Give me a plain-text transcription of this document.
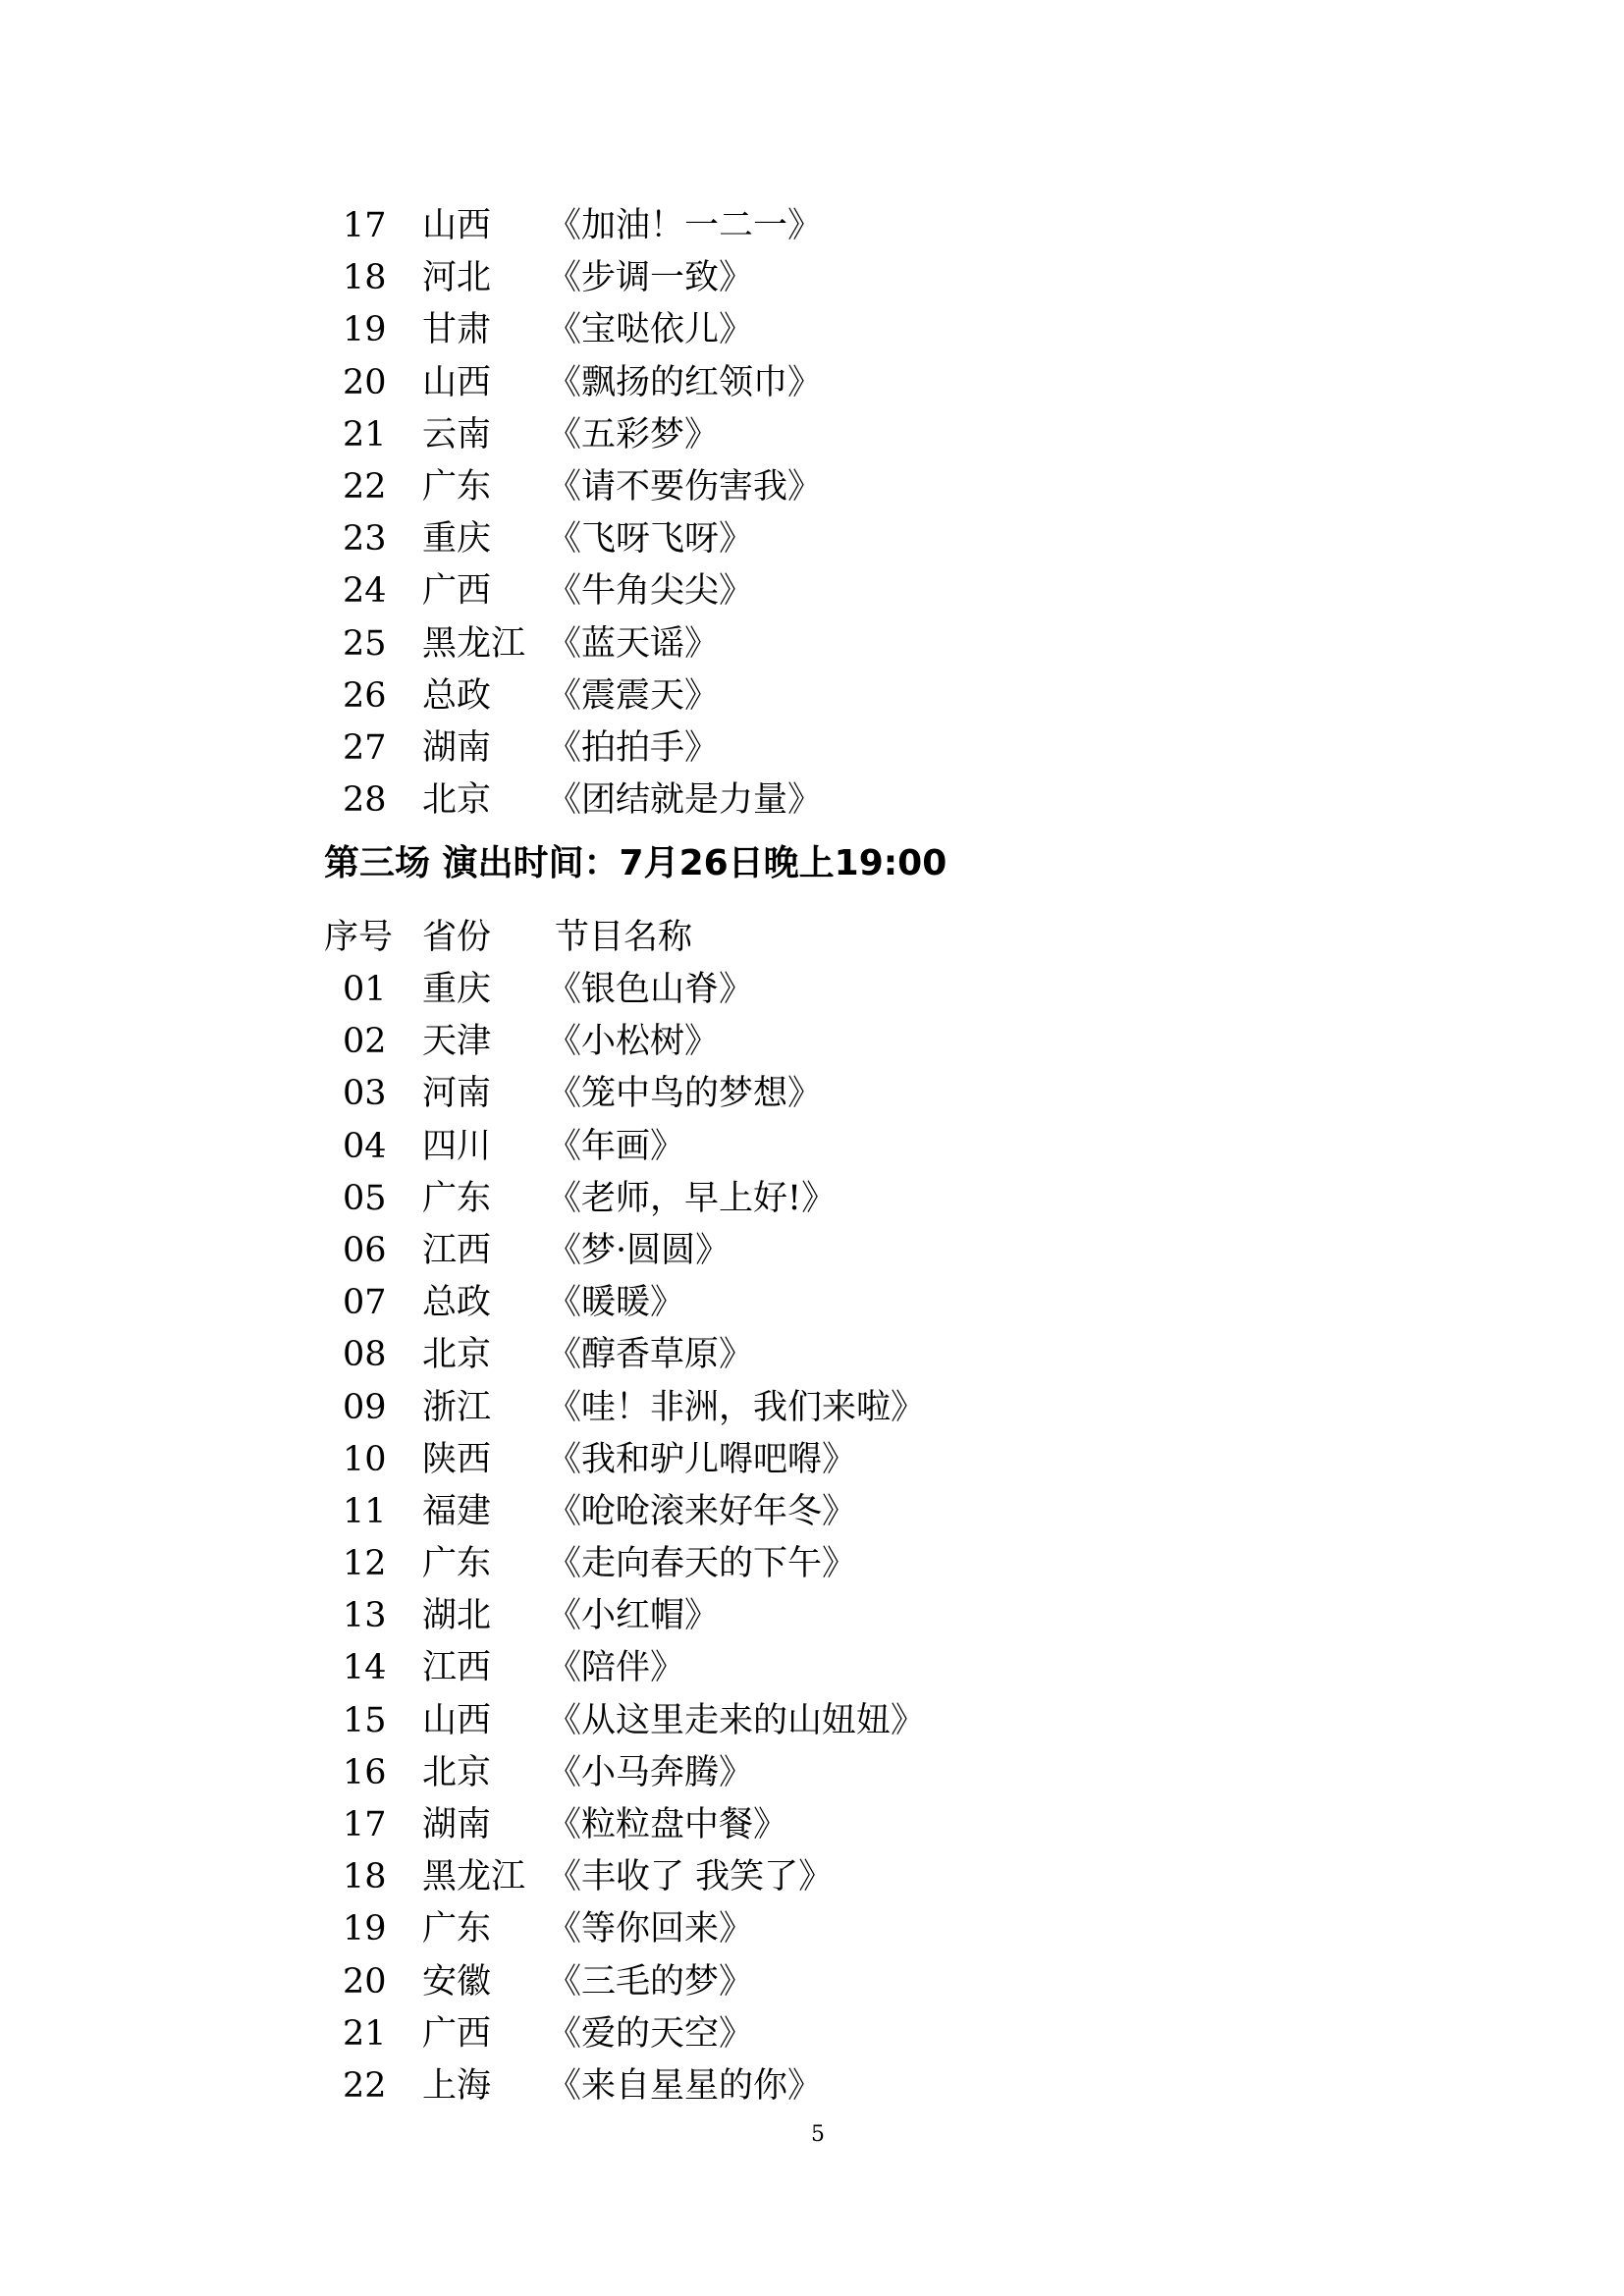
17 山西 《加油！一二一》
18 河北 《步调一致》
19 甘肃 《宝哒依儿》
20 山西 《飘扬的红领巾》
21 云南 《五彩梦》
22 广东 《请不要伤害我》
23 重庆 《飞呀飞呀》
24 广西 《牛角尖尖》
25 黑龙江 《蓝天谣》
26 总政 《震震天》
27 湖南 《拍拍手》
28 北京 《团结就是力量》
第三场 演出时间：7月26日晚上19:00
序号 省份 节目名称
01 重庆 《银色山脊》
02 天津 《小松树》
03 河南 《笼中鸟的梦想》
04 四川 《年画》
05 广东 《老师，早上好!》
06 江西 《梦·圆圆》
07 总政 《暖暖》
08 北京 《醇香草原》
09 浙江 《哇！非洲，我们来啦》
10 陕西 《我和驴儿嘚吧嘚》
11 福建 《呛呛滚来好年冬》
12 广东 《走向春天的下午》
13 湖北 《小红帽》
14 江西 《陪伴》
15 山西 《从这里走来的山妞妞》
16 北京 《小马奔腾》
17 湖南 《粒粒盘中餐》
18 黑龙江 《丰收了 我笑了》
19 广东 《等你回来》
20 安徽 《三毛的梦》
21 广西 《爱的天空》
22 上海 《来自星星的你》
5
